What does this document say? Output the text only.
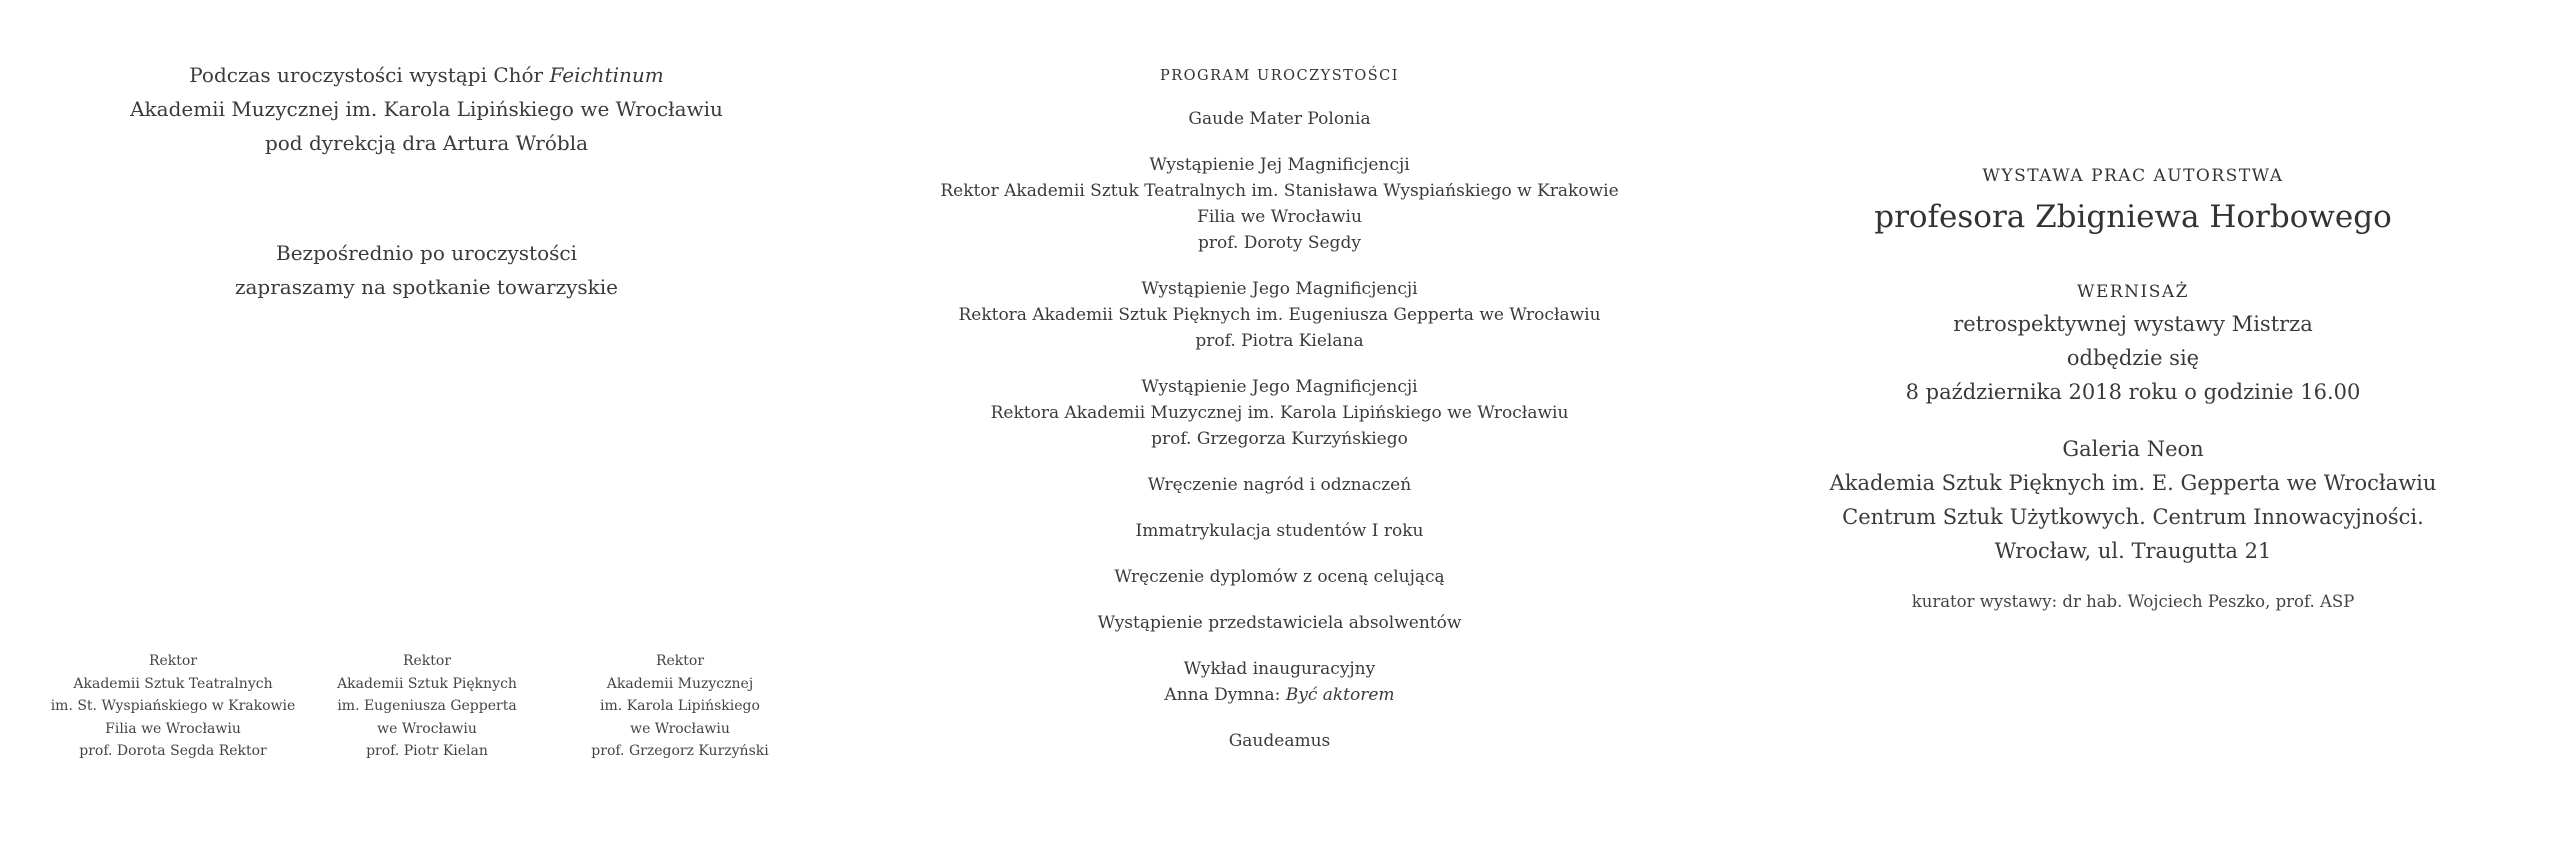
Podczas uroczystości wystąpi Chór Feichtinum
Akademii Muzycznej im. Karola Lipińskiego we Wrocławiu
pod dyrekcją dra Artura Wróbla
Bezpośrednio po uroczystości
zapraszamy na spotkanie towarzyskie
Rektor
Akademii Sztuk Teatralnych
im. St. Wyspiańskiego w Krakowie
Filia we Wrocławiu
prof. Dorota Segda Rektor
Rektor
Akademii Sztuk Pięknych
im. Eugeniusza Gepperta
we Wrocławiu
prof. Piotr Kielan
Rektor
Akademii Muzycznej
im. Karola Lipińskiego
we Wrocławiu
prof. Grzegorz Kurzyński
PROGRAM UROCZYSTOŚCI
Gaude Mater Polonia
Wystąpienie Jej Magnificjencji
Rektor Akademii Sztuk Teatralnych im. Stanisława Wyspiańskiego w Krakowie
Filia we Wrocławiu
prof. Doroty Segdy
Wystąpienie Jego Magnificjencji
Rektora Akademii Sztuk Pięknych im. Eugeniusza Gepperta we Wrocławiu
prof. Piotra Kielana
Wystąpienie Jego Magnificjencji
Rektora Akademii Muzycznej im. Karola Lipińskiego we Wrocławiu
prof. Grzegorza Kurzyńskiego
Wręczenie nagród i odznaczeń
Immatrykulacja studentów I roku
Wręczenie dyplomów z oceną celującą
Wystąpienie przedstawiciela absolwentów
Wykład inauguracyjny
Anna Dymna: Być aktorem
Gaudeamus
WYSTAWA PRAC AUTORSTWA
profesora Zbigniewa Horbowego
WERNISAŻ
retrospektywnej wystawy Mistrza
odbędzie się
8 października 2018 roku o godzinie 16.00
Galeria Neon
Akademia Sztuk Pięknych im. E. Gepperta we Wrocławiu
Centrum Sztuk Użytkowych. Centrum Innowacyjności.
Wrocław, ul. Traugutta 21
kurator wystawy: dr hab. Wojciech Peszko, prof. ASP
